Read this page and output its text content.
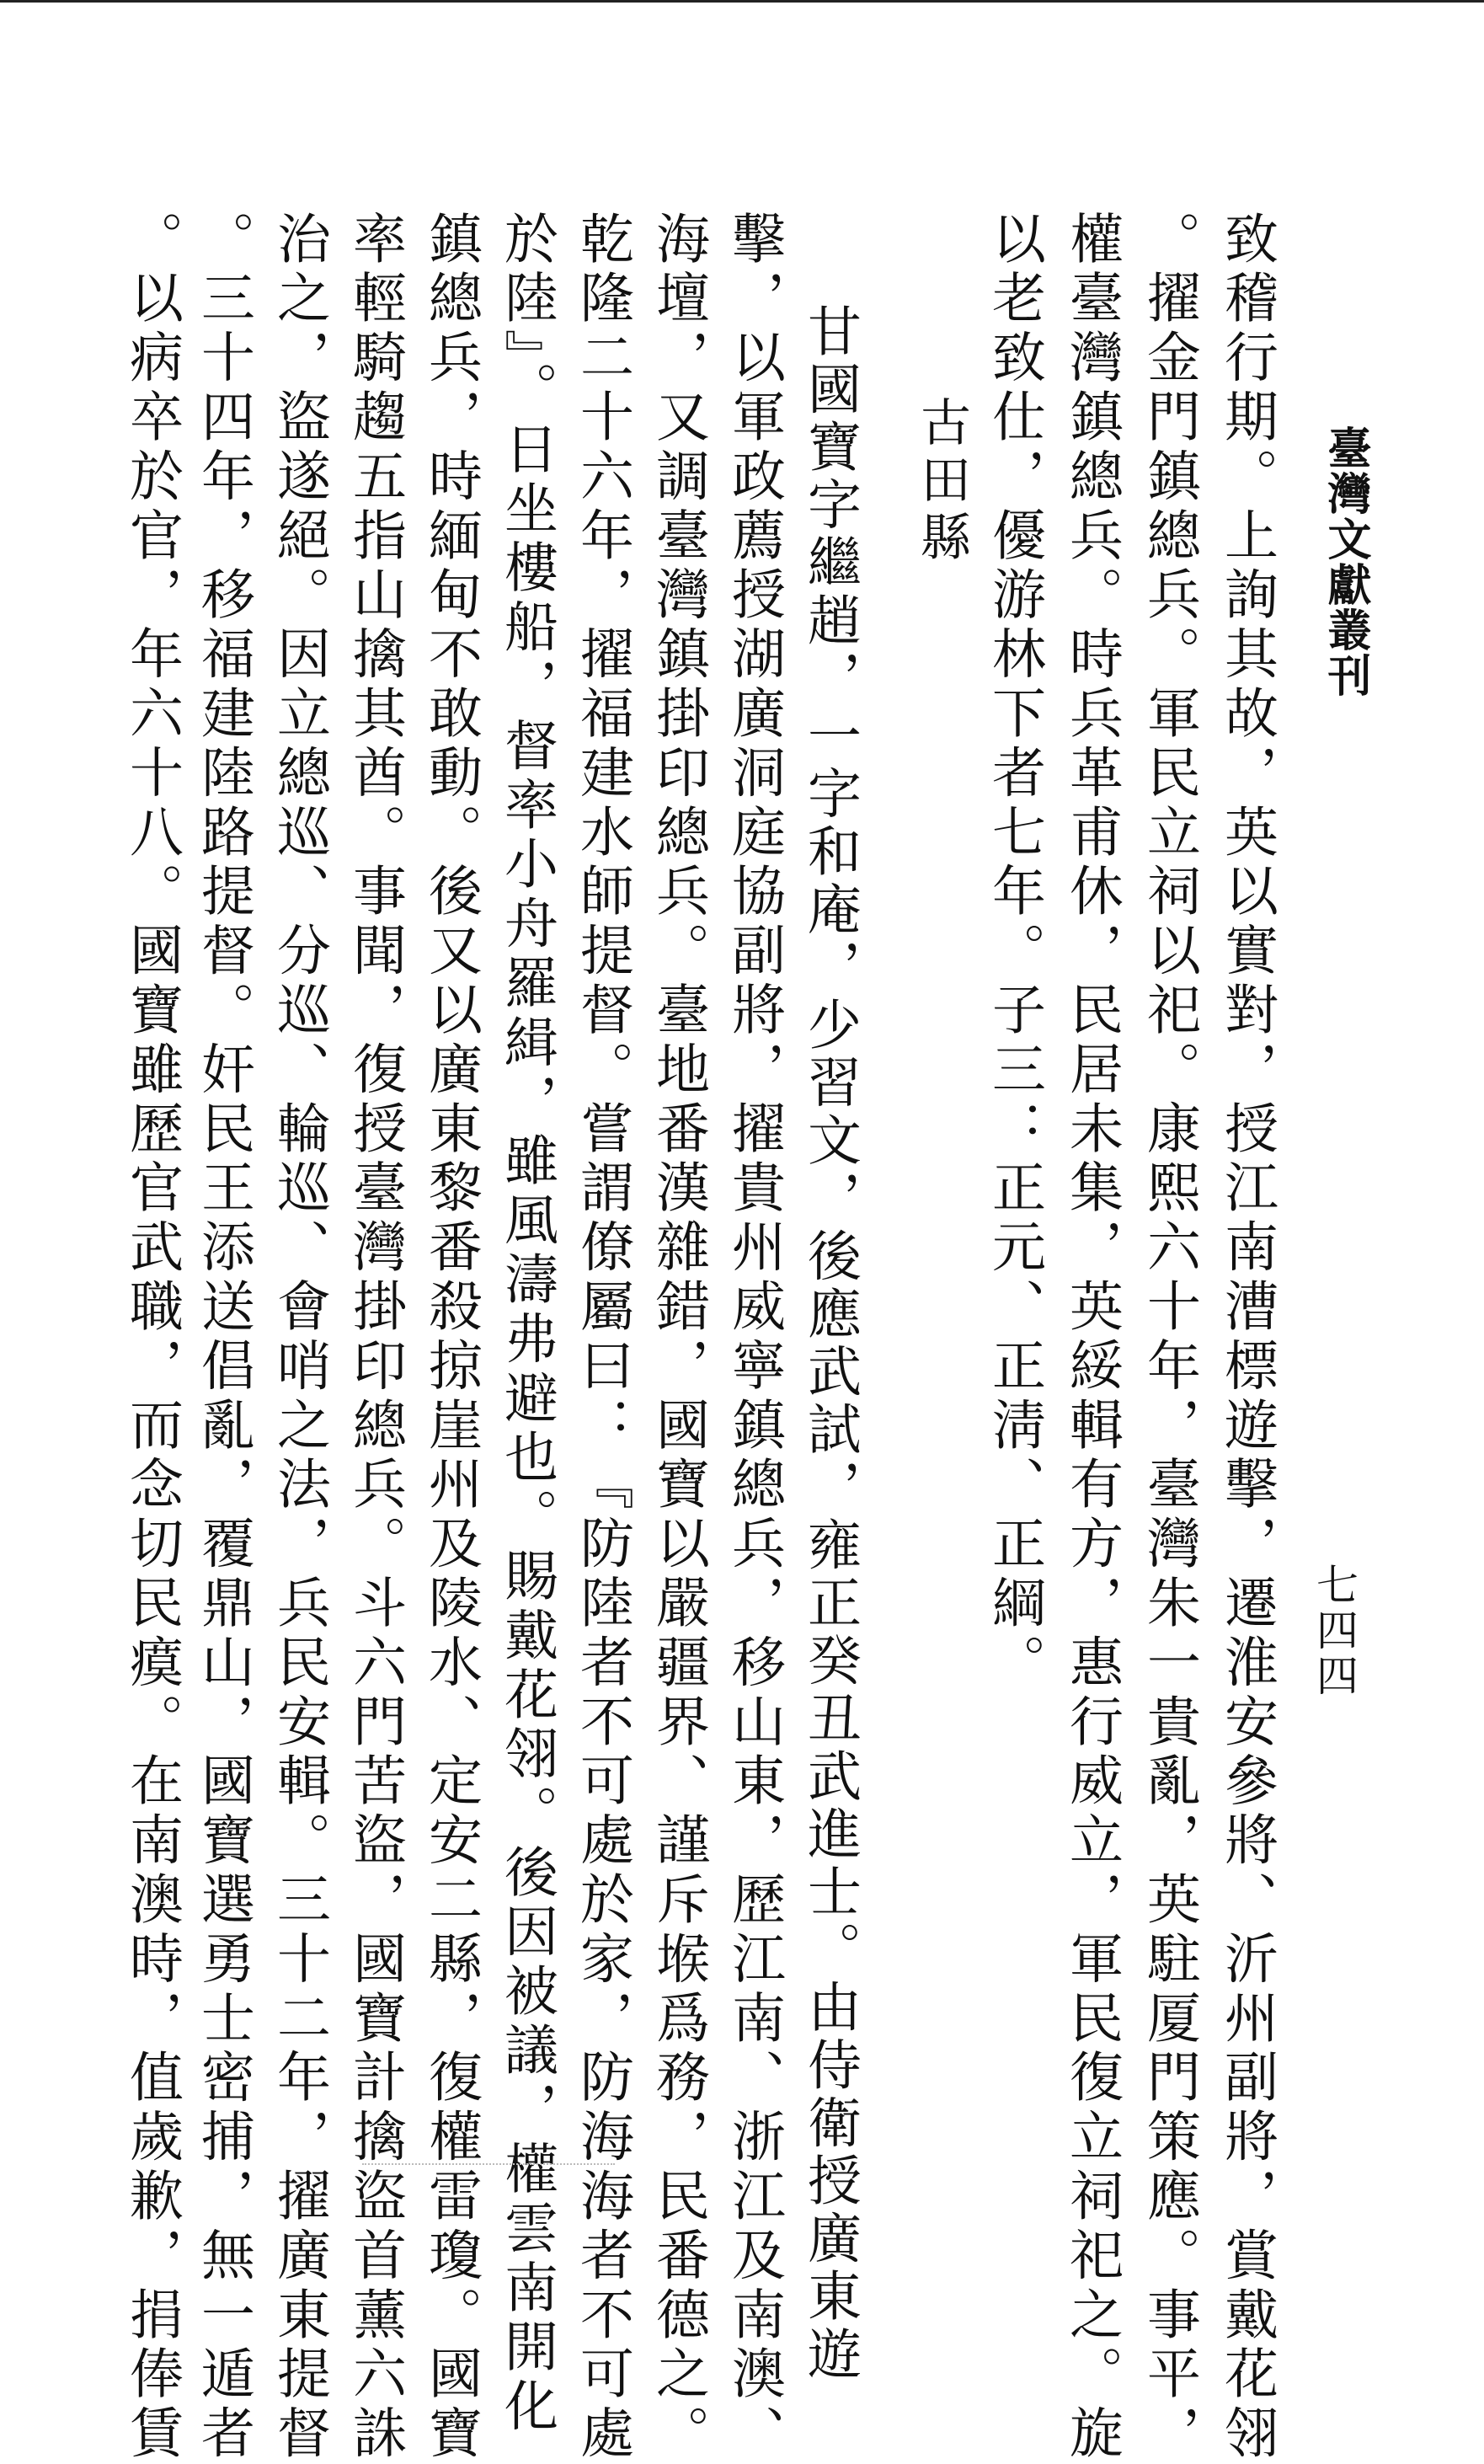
臺灣文獻叢刊
七四四
致稽行期。上詢其故，英以實對，授江南漕標遊擊，遷淮安參將、沂州副將，賞戴花翎
。擢金門鎮總兵。軍民立祠以祀。康熙六十年，臺灣朱一貴亂，英駐厦門策應。事平，
權臺灣鎮總兵。時兵革甫休，民居未集，英綏輯有方，惠行威立，軍民復立祠祀之。旋
以老致仕，優游林下者七年。子三：正元、正淸、正綱。
古田縣
甘國寶字繼趙，一字和庵，少習文，後應武試，雍正癸丑武進士。由侍衛授廣東遊
擊，以軍政薦授湖廣洞庭協副將，擢貴州威寧鎮總兵，移山東，歷江南、浙江及南澳、
海壇，又調臺灣鎮掛印總兵。臺地番漢雜錯，國寶以嚴疆界、謹斥堠爲務，民番德之。
乾隆二十六年，擢福建水師提督。嘗謂僚屬曰：『防陸者不可處於家，防海海者不可處
於陸』。日坐樓船，督率小舟羅緝，雖風濤弗避也。賜戴花翎。後因被議，權雲南開化
鎮總兵，時緬甸不敢動。後又以廣東黎番殺掠崖州及陵水、定安二縣，復權雷瓊。國寶
率輕騎趨五指山擒其酋。事聞，復授臺灣掛印總兵。斗六門苦盜，國寶計擒盜首薰六誅
治之，盜遂絕。因立總巡、分巡、輪巡、會哨之法，兵民安輯。三十二年，擢廣東提督
。三十四年，移福建陸路提督。奸民王添送倡亂，覆鼎山，國寶選勇士密捕，無一遁者
。以病卒於官，年六十八。國寶雖歷官武職，而念切民瘼。在南澳時，值歲歉，捐俸賃
